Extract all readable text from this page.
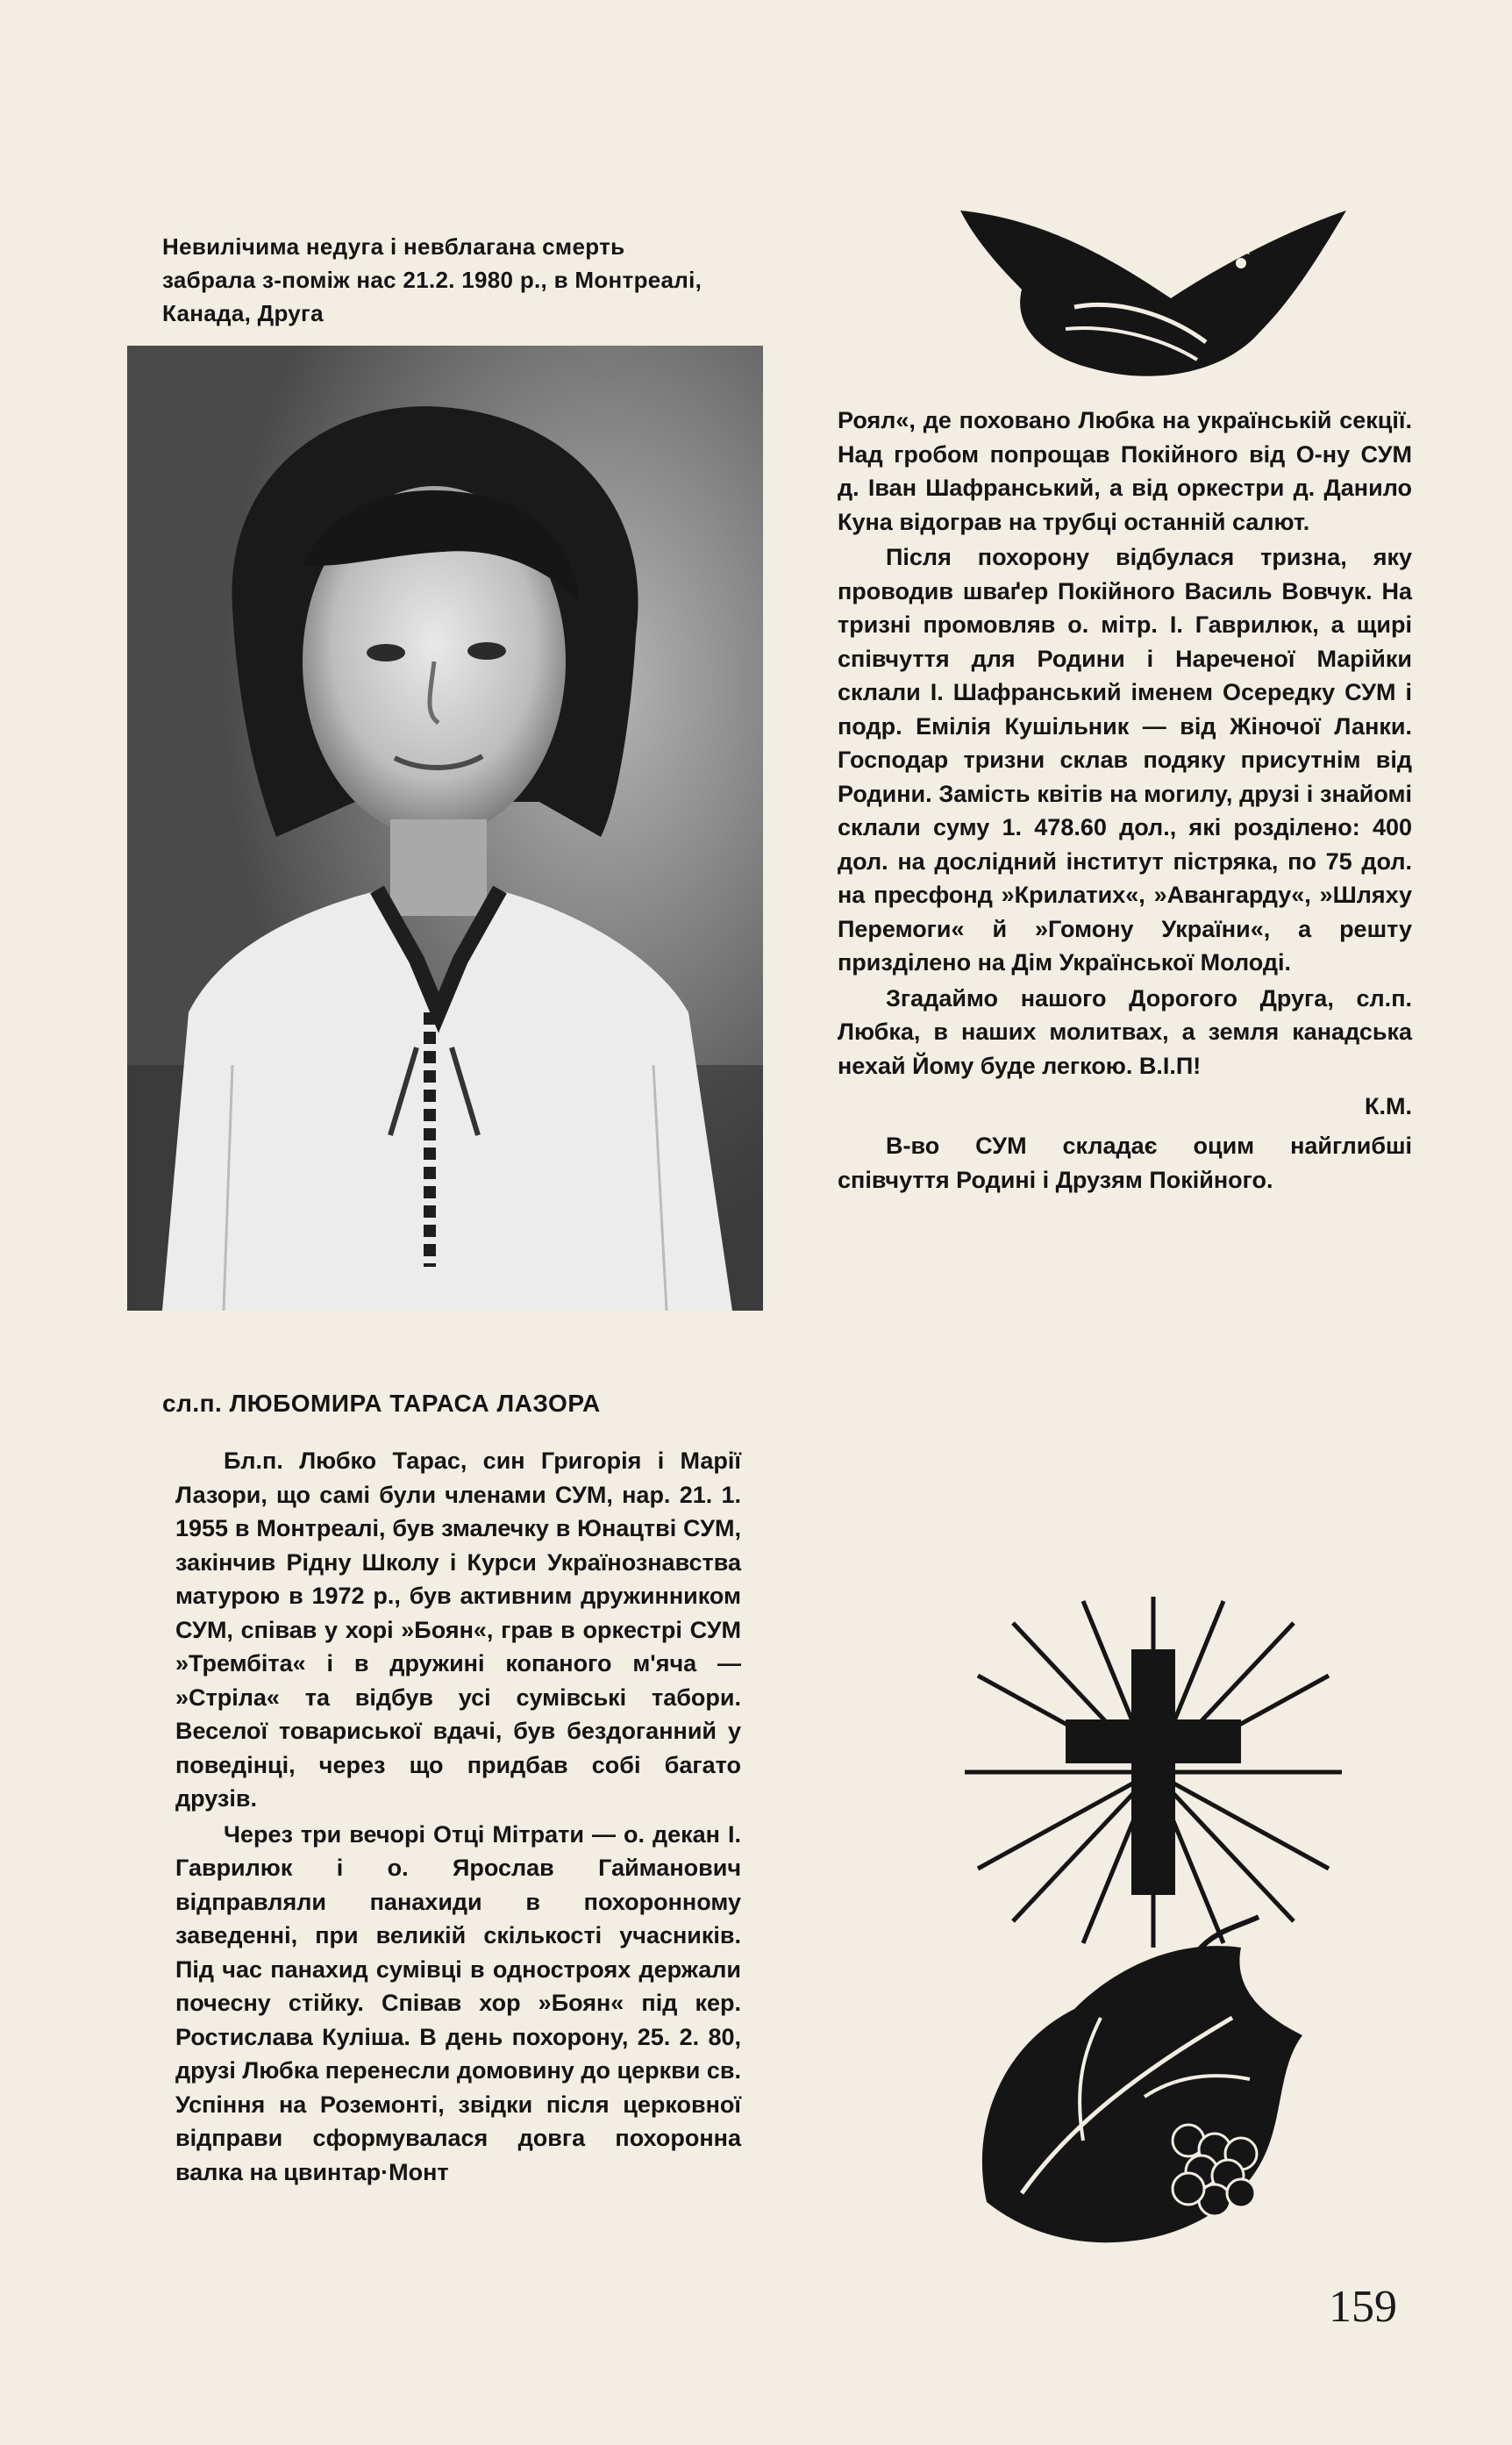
Невилічима недуга і невблагана смерть забрала з-поміж нас 21.2. 1980 р., в Монтреалі, Канада, Друга

сл.п. ЛЮБОМИРА ТАРАСА ЛАЗОРА

Бл.п. Любко Тарас, син Григорія і Марії Лазори, що самі були членами СУМ, нар. 21. 1. 1955 в Монтреалі, був змалечку в Юнацтві СУМ, закінчив Рідну Школу і Курси Українознавства матурою в 1972 р., був активним дружинником СУМ, співав у хорі »Боян«, грав в оркестрі СУМ »Трембіта« і в дружині копаного м'яча — »Стріла« та відбув усі сумівські табори. Веселої товариської вдачі, був бездоганний у поведінці, через що придбав собі багато друзів.

Через три вечорі Отці Мітрати — о. декан І. Гаврилюк і о. Ярослав Гайманович відправляли панахиди в похоронному заведенні, при великій скількості учасників. Під час панахид сумівці в одностроях держали почесну стійку. Співав хор »Боян« під кер. Ростислава Куліша. В день похорону, 25. 2. 80, друзі Любка перенесли домовину до церкви св. Успіння на Роземонті, звідки після церковної відправи сформувалася довга похоронна валка на цвинтар·Монт

Роял«, де поховано Любка на українській секції. Над гробом попрощав Покійного від О-ну СУМ д. Іван Шафранський, а від оркестри д. Данило Куна відограв на трубці останній салют.

Після похорону відбулася тризна, яку проводив шваґер Покійного Василь Вовчук. На тризні промовляв о. мітр. І. Гаврилюк, а щирі співчуття для Родини і Нареченої Марійки склали І. Шафранський іменем Осередку СУМ і подр. Емілія Кушільник — від Жіночої Ланки. Господар тризни склав подяку присутнім від Родини. Замість квітів на могилу, друзі і знайомі склали суму 1. 478.60 дол., які розділено: 400 дол. на дослідний інститут пістряка, по 75 дол. на пресфонд »Крилатих«, »Авангарду«, »Шляху Перемоги« й »Гомону України«, а решту призділено на Дім Української Молоді.

Згадаймо нашого Дорогого Друга, сл.п. Любка, в наших молитвах, а земля канадська нехай Йому буде легкою. В.І.П!

К.М.

В-во СУМ складає оцим найглибші співчуття Родині і Друзям Покійного.

159
